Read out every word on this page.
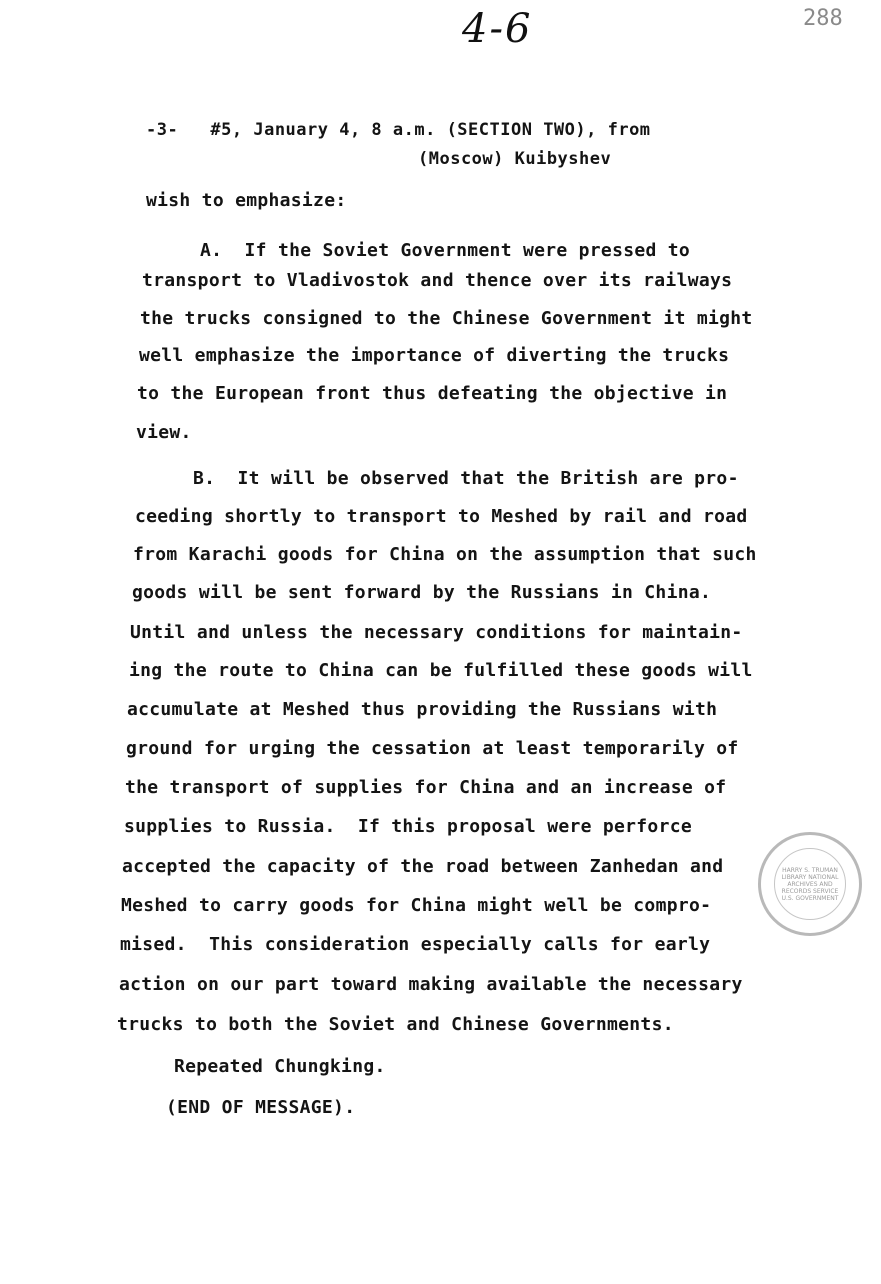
4-6	288
-3-   #5, January 4, 8 a.m. (SECTION TWO), from
(Moscow) Kuibyshev
wish to emphasize:
A.  If the Soviet Government were pressed to
transport to Vladivostok and thence over its railways
the trucks consigned to the Chinese Government it might
well emphasize the importance of diverting the trucks
to the European front thus defeating the objective in
view.
B.  It will be observed that the British are pro-
ceeding shortly to transport to Meshed by rail and road
from Karachi goods for China on the assumption that such
goods will be sent forward by the Russians in China.
Until and unless the necessary conditions for maintain-
ing the route to China can be fulfilled these goods will
accumulate at Meshed thus providing the Russians with
ground for urging the cessation at least temporarily of
the transport of supplies for China and an increase of
supplies to Russia.  If this proposal were perforce
accepted the capacity of the road between Zanhedan and
Meshed to carry goods for China might well be compro-
mised.  This consideration especially calls for early
action on our part toward making available the necessary
trucks to both the Soviet and Chinese Governments.
Repeated Chungking.
(END OF MESSAGE).
HARRY S. TRUMAN LIBRARY NATIONAL ARCHIVES AND RECORDS SERVICE U.S. GOVERNMENT
